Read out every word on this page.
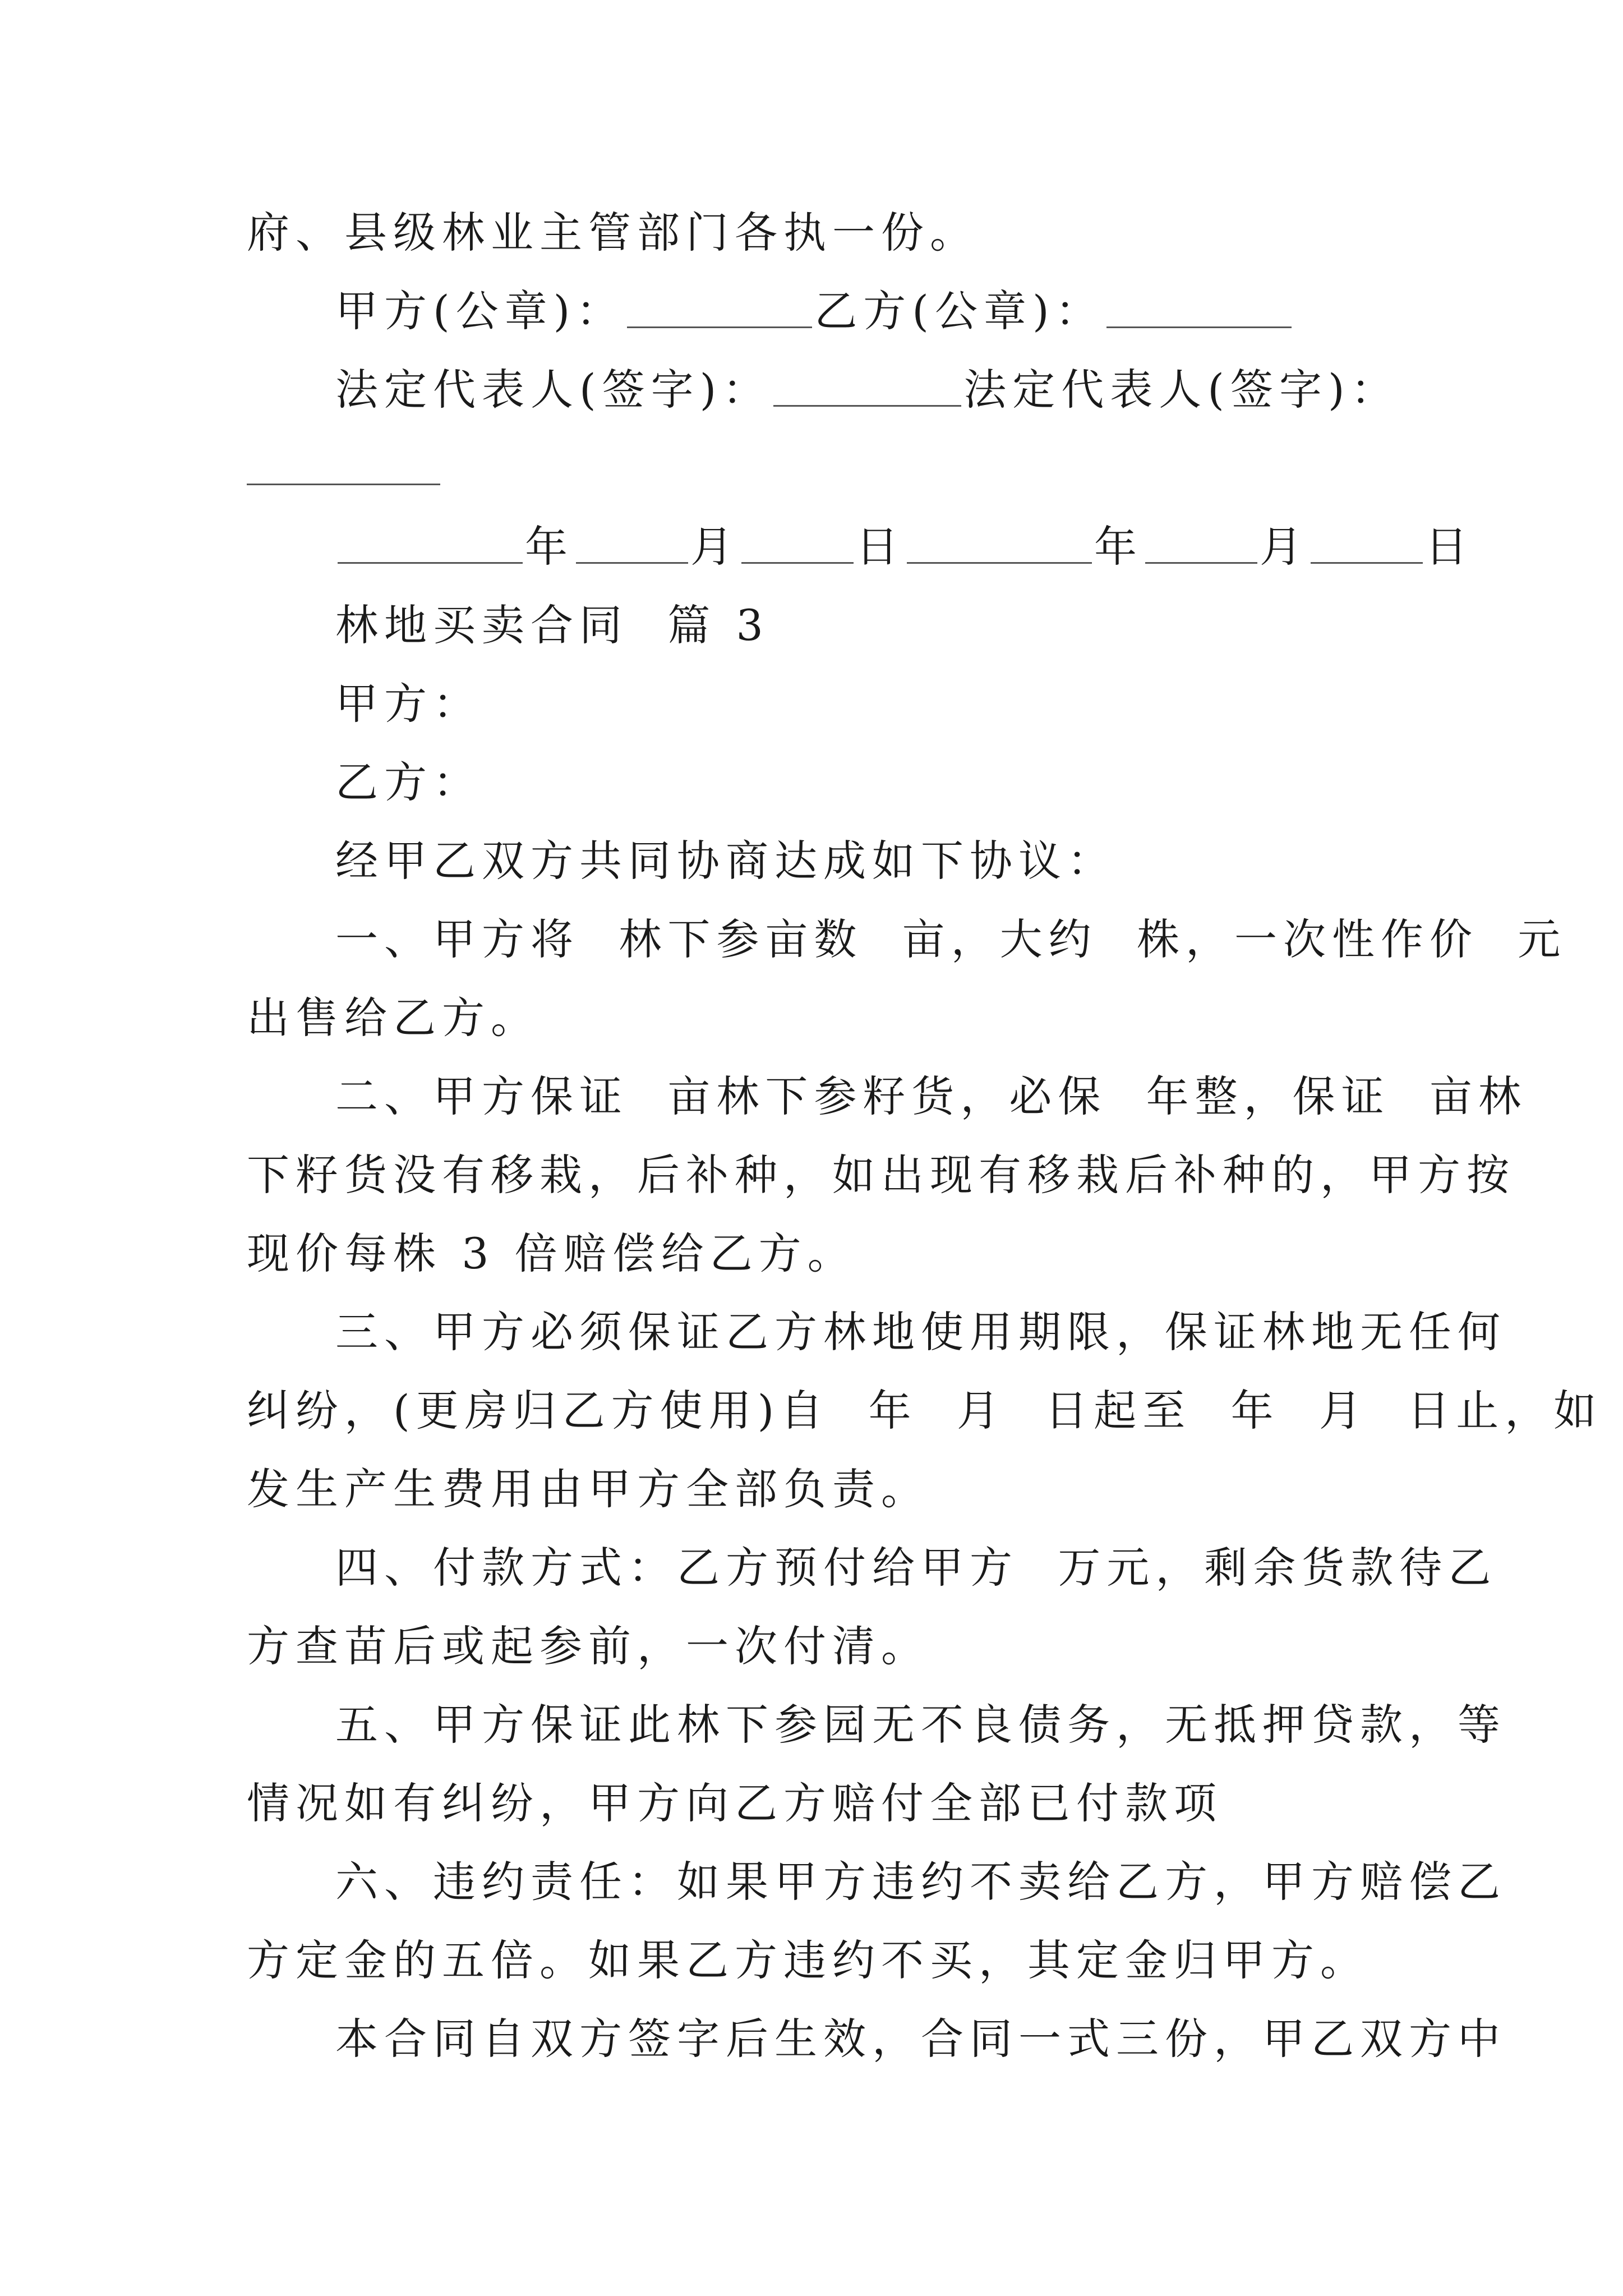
府、县级林业主管部门各执一份。
甲方(公章)：	乙方(公章)：
法定代表人(签字)：	法定代表人(签字)：
年	月	日	年	月	日
林地买卖合同  篇 3
甲方：
乙方：
经甲乙双方共同协商达成如下协议：
一、甲方将  林下参亩数  亩，大约  株，一次性作价  元
出售给乙方。
二、甲方保证  亩林下参籽货，必保  年整，保证  亩林
下籽货没有移栽，后补种，如出现有移栽后补种的，甲方按
现价每株 3 倍赔偿给乙方。
三、甲方必须保证乙方林地使用期限，保证林地无任何
纠纷，(更房归乙方使用)自  年  月  日起至  年  月  日止，如
发生产生费用由甲方全部负责。
四、付款方式：乙方预付给甲方  万元，剩余货款待乙
方查苗后或起参前，一次付清。
五、甲方保证此林下参园无不良债务，无抵押贷款，等
情况如有纠纷，甲方向乙方赔付全部已付款项
六、违约责任：如果甲方违约不卖给乙方，甲方赔偿乙
方定金的五倍。如果乙方违约不买，其定金归甲方。
本合同自双方签字后生效，合同一式三份，甲乙双方中
